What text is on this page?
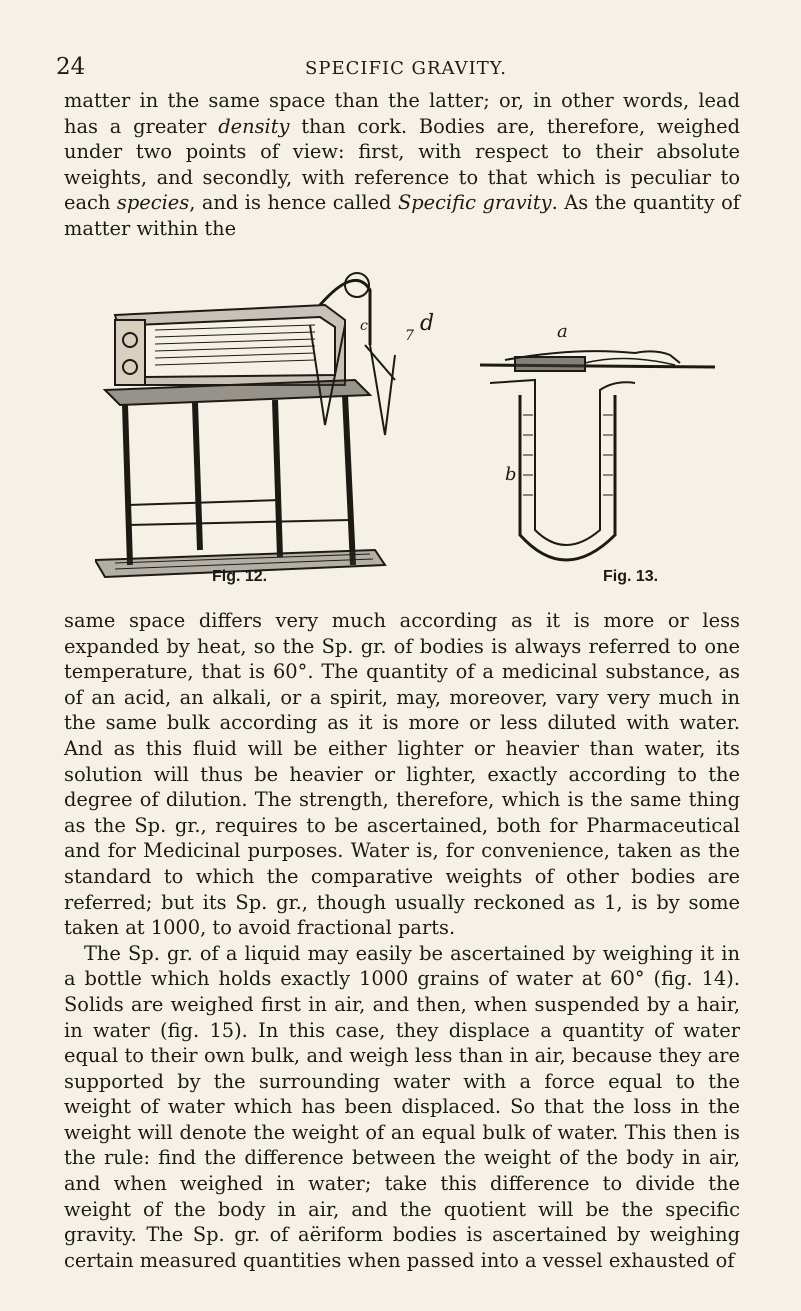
24	SPECIFIC GRAVITY.

matter in the same space than the latter; or, in other words, lead has a greater density than cork. Bodies are, therefore, weighed under two points of view: first, with respect to their absolute weights, and secondly, with reference to that which is peculiar to each species, and is hence called Specific gravity. As the quantity of matter within the

d
c
7	a
b
Fig. 12.	Fig. 13.

same space differs very much according as it is more or less expanded by heat, so the Sp. gr. of bodies is always referred to one temperature, that is 60°. The quantity of a medicinal substance, as of an acid, an alkali, or a spirit, may, moreover, vary very much in the same bulk according as it is more or less diluted with water. And as this fluid will be either lighter or heavier than water, its solution will thus be heavier or lighter, exactly according to the degree of dilution. The strength, therefore, which is the same thing as the Sp. gr., requires to be ascertained, both for Pharmaceutical and for Medicinal purposes. Water is, for convenience, taken as the standard to which the comparative weights of other bodies are referred; but its Sp. gr., though usually reckoned as 1, is by some taken at 1000, to avoid fractional parts.

The Sp. gr. of a liquid may easily be ascertained by weighing it in a bottle which holds exactly 1000 grains of water at 60° (fig. 14). Solids are weighed first in air, and then, when suspended by a hair, in water (fig. 15). In this case, they displace a quantity of water equal to their own bulk, and weigh less than in air, because they are supported by the surrounding water with a force equal to the weight of water which has been displaced. So that the loss in the weight will denote the weight of an equal bulk of water. This then is the rule: find the difference between the weight of the body in air, and when weighed in water; take this difference to divide the weight of the body in air, and the quotient will be the specific gravity. The Sp. gr. of aëriform bodies is ascertained by weighing certain measured quantities when passed into a vessel exhausted of
